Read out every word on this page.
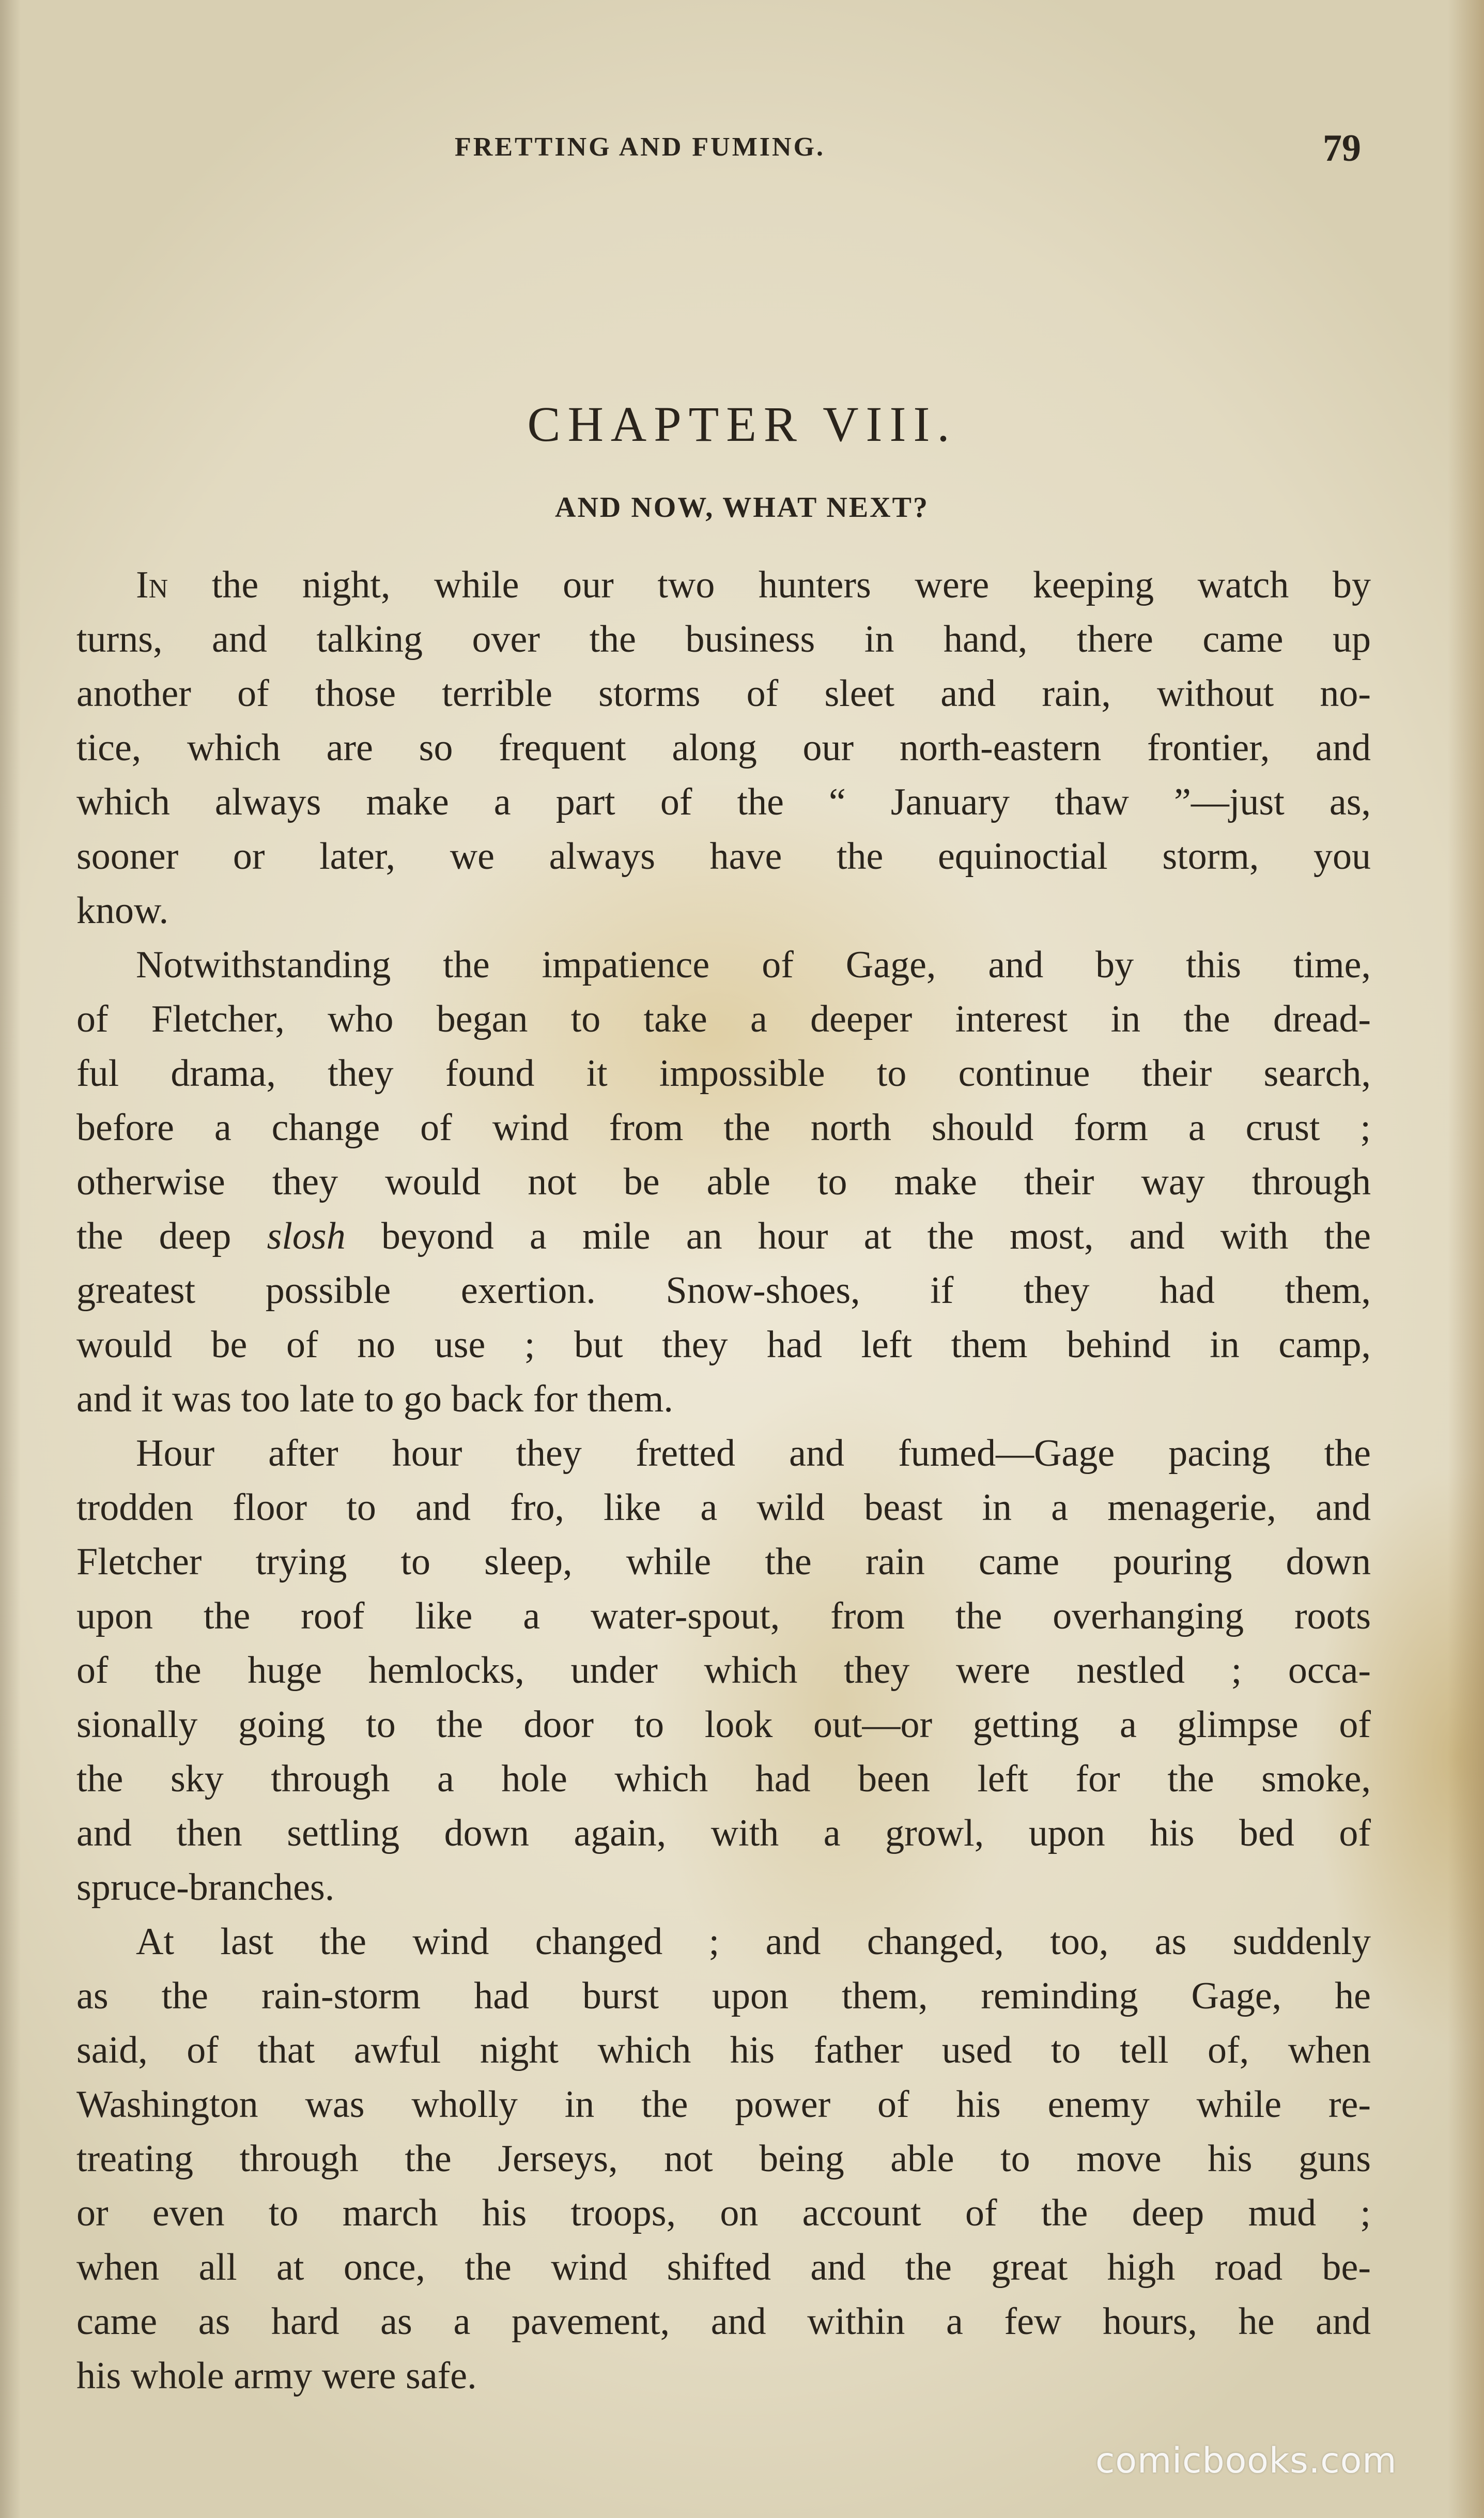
FRETTING AND FUMING.	79
CHAPTER VIII.
AND NOW, WHAT NEXT?
In the night, while our two hunters were keeping watch by
turns, and talking over the business in hand, there came up
another of those terrible storms of sleet and rain, without no-
tice, which are so frequent along our north-eastern frontier, and
which always make a part of the “ January thaw ”—just as,
sooner or later, we always have the equinoctial storm, you
know.
Notwithstanding the impatience of Gage, and by this time,
of Fletcher, who began to take a deeper interest in the dread-
ful drama, they found it impossible to continue their search,
before a change of wind from the north should form a crust ;
otherwise they would not be able to make their way through
the deep slosh beyond a mile an hour at the most, and with the
greatest possible exertion. Snow-shoes, if they had them,
would be of no use ; but they had left them behind in camp,
and it was too late to go back for them.
Hour after hour they fretted and fumed—Gage pacing the
trodden floor to and fro, like a wild beast in a menagerie, and
Fletcher trying to sleep, while the rain came pouring down
upon the roof like a water-spout, from the overhanging roots
of the huge hemlocks, under which they were nestled ; occa-
sionally going to the door to look out—or getting a glimpse of
the sky through a hole which had been left for the smoke,
and then settling down again, with a growl, upon his bed of
spruce-branches.
At last the wind changed ; and changed, too, as suddenly
as the rain-storm had burst upon them, reminding Gage, he
said, of that awful night which his father used to tell of, when
Washington was wholly in the power of his enemy while re-
treating through the Jerseys, not being able to move his guns
or even to march his troops, on account of the deep mud ;
when all at once, the wind shifted and the great high road be-
came as hard as a pavement, and within a few hours, he and
his whole army were safe.
comicbooks.com
